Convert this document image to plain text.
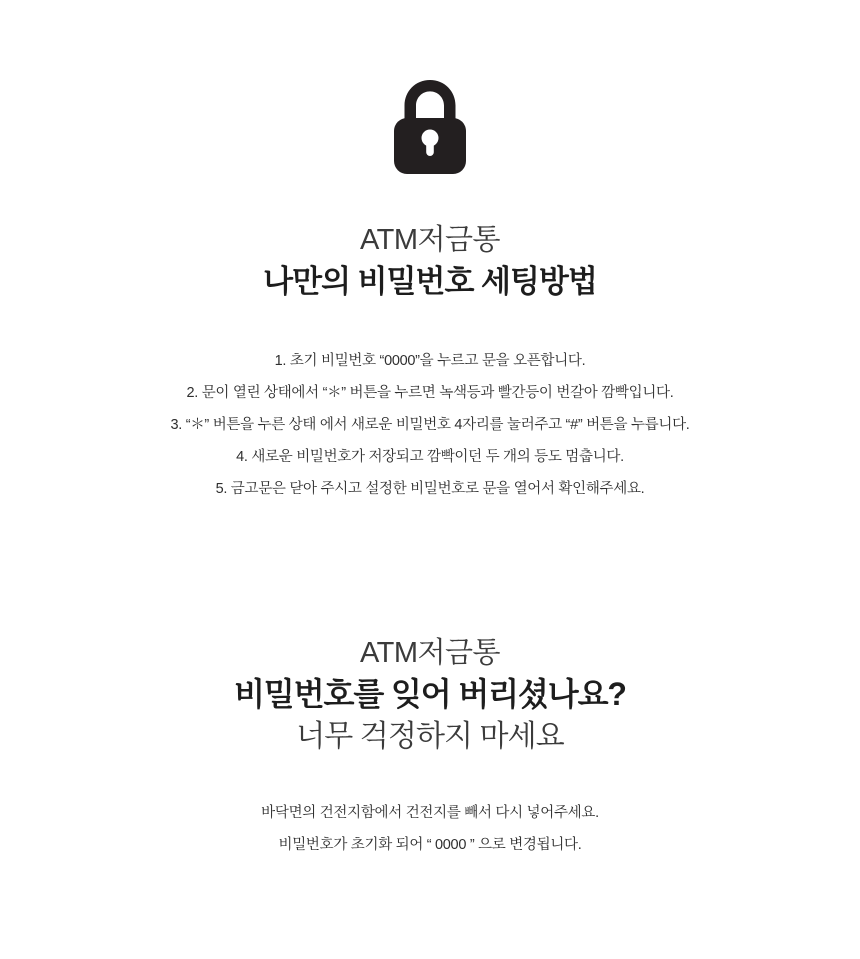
ATM저금통

나만의 비밀번호 세팅방법
1. 초기 비밀번호 “0000”을 누르고 문을 오픈합니다.
2. 문이 열린 상태에서 “＊” 버튼을 누르면 녹색등과 빨간등이 번갈아 깜빡입니다.
3. “＊” 버튼을 누른 상태 에서 새로운 비밀번호 4자리를 눌러주고 “#” 버튼을 누릅니다.
4. 새로운 비밀번호가 저장되고 깜빡이던 두 개의 등도 멈춥니다.
5. 금고문은 닫아 주시고 설정한 비밀번호로 문을 열어서 확인해주세요.

ATM저금통

비밀번호를 잊어 버리셨나요?

너무 걱정하지 마세요

바닥면의 건전지함에서 건전지를 빼서 다시 넣어주세요.
비밀번호가 초기화 되어 “ 0000 ” 으로 변경됩니다.
